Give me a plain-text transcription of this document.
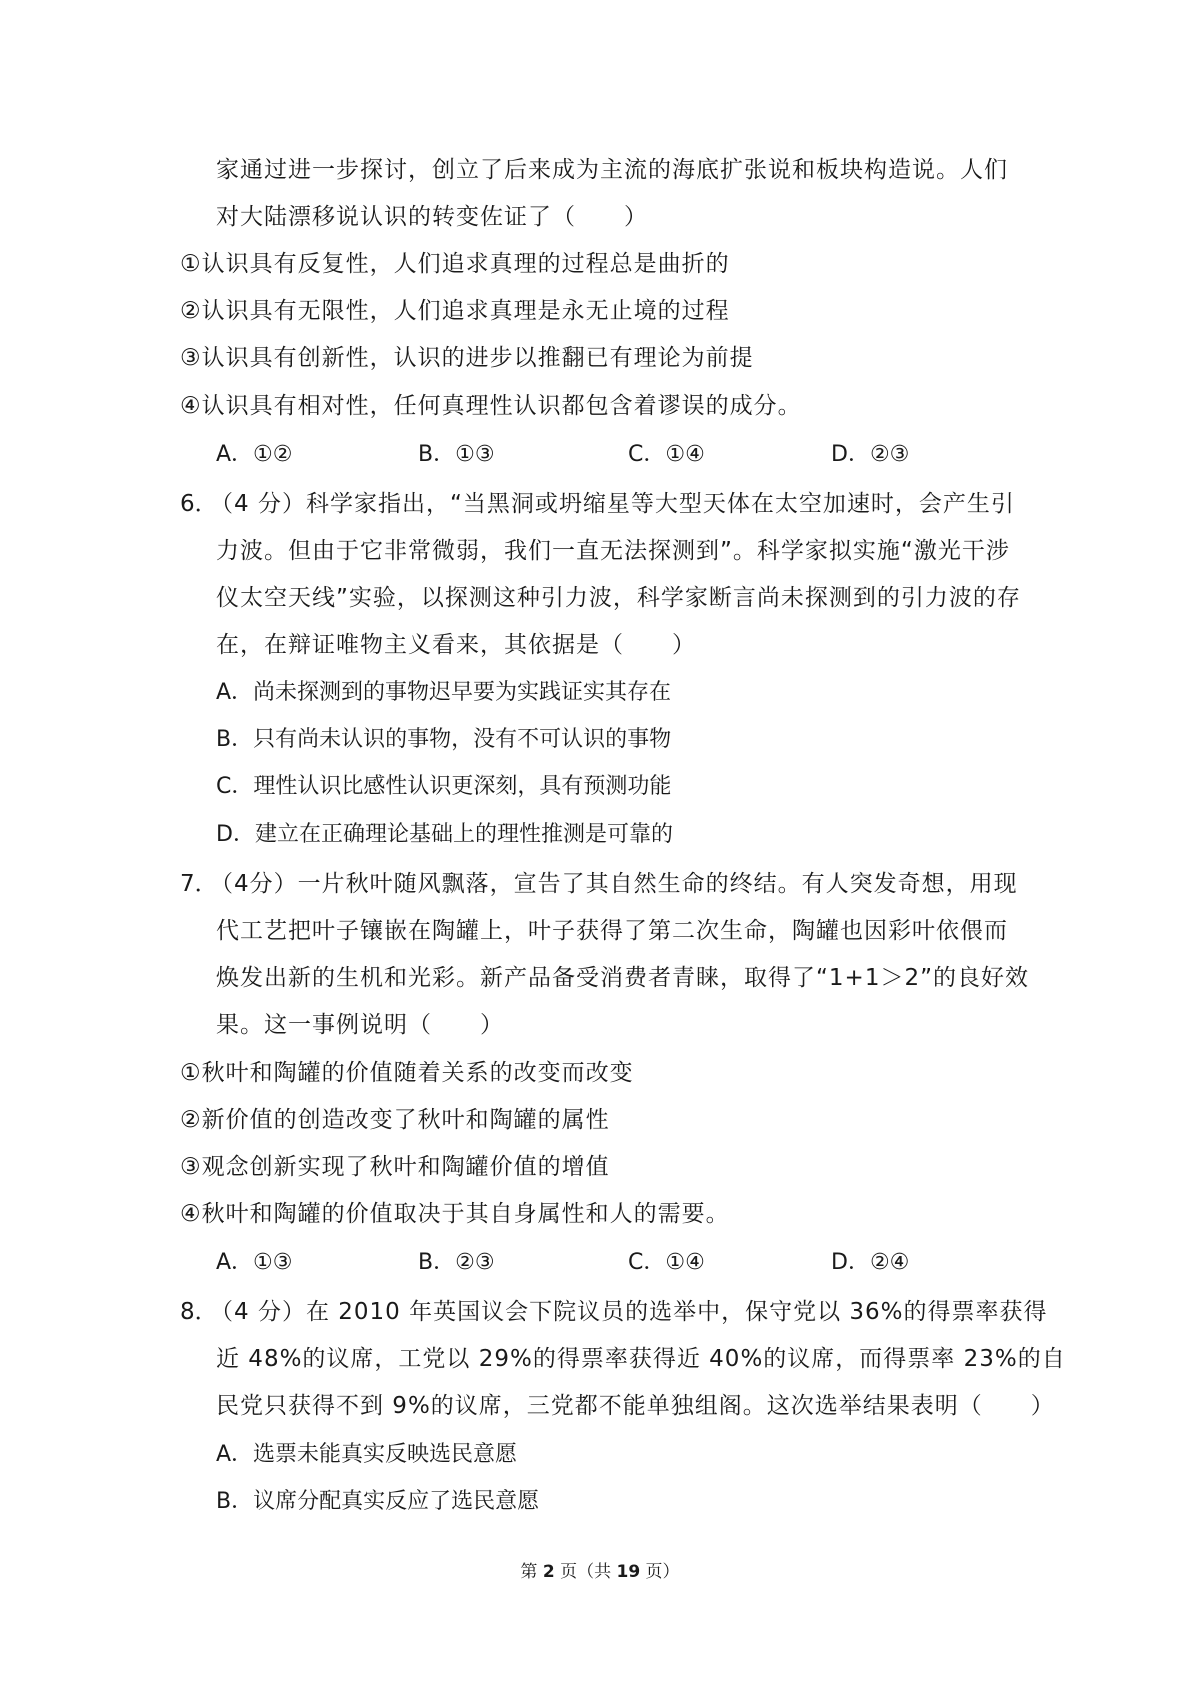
家通过进一步探讨，创立了后来成为主流的海底扩张说和板块构造说。人们
对大陆漂移说认识的转变佐证了（　　）
①认识具有反复性，人们追求真理的过程总是曲折的
②认识具有无限性，人们追求真理是永无止境的过程
③认识具有创新性，认识的进步以推翻已有理论为前提
④认识具有相对性，任何真理性认识都包含着谬误的成分。
A．①②	B．①③	C．①④	D．②③
6．
（4 分）科学家指出，“当黑洞或坍缩星等大型天体在太空加速时，会产生引
力波。但由于它非常微弱，我们一直无法探测到”。科学家拟实施“激光干涉
仪太空天线”实验，以探测这种引力波，科学家断言尚未探测到的引力波的存
在，在辩证唯物主义看来，其依据是（　　）
A．尚未探测到的事物迟早要为实践证实其存在
B．只有尚未认识的事物，没有不可认识的事物
C．理性认识比感性认识更深刻，具有预测功能
D．建立在正确理论基础上的理性推测是可靠的
7．
（4分）一片秋叶随风飘落，宣告了其自然生命的终结。有人突发奇想，用现
代工艺把叶子镶嵌在陶罐上，叶子获得了第二次生命，陶罐也因彩叶依偎而
焕发出新的生机和光彩。新产品备受消费者青睐，取得了“1+1＞2”的良好效
果。这一事例说明（　　）
①秋叶和陶罐的价值随着关系的改变而改变
②新价值的创造改变了秋叶和陶罐的属性
③观念创新实现了秋叶和陶罐价值的增值
④秋叶和陶罐的价值取决于其自身属性和人的需要。
A．①③	B．②③	C．①④	D．②④
8．
（4 分）在 2010 年英国议会下院议员的选举中，保守党以 36%的得票率获得
近 48%的议席，工党以 29%的得票率获得近 40%的议席，而得票率 23%的自
民党只获得不到 9%的议席，三党都不能单独组阁。这次选举结果表明（　　）
A．选票未能真实反映选民意愿
B．议席分配真实反应了选民意愿
第 2 页（共 19 页）
